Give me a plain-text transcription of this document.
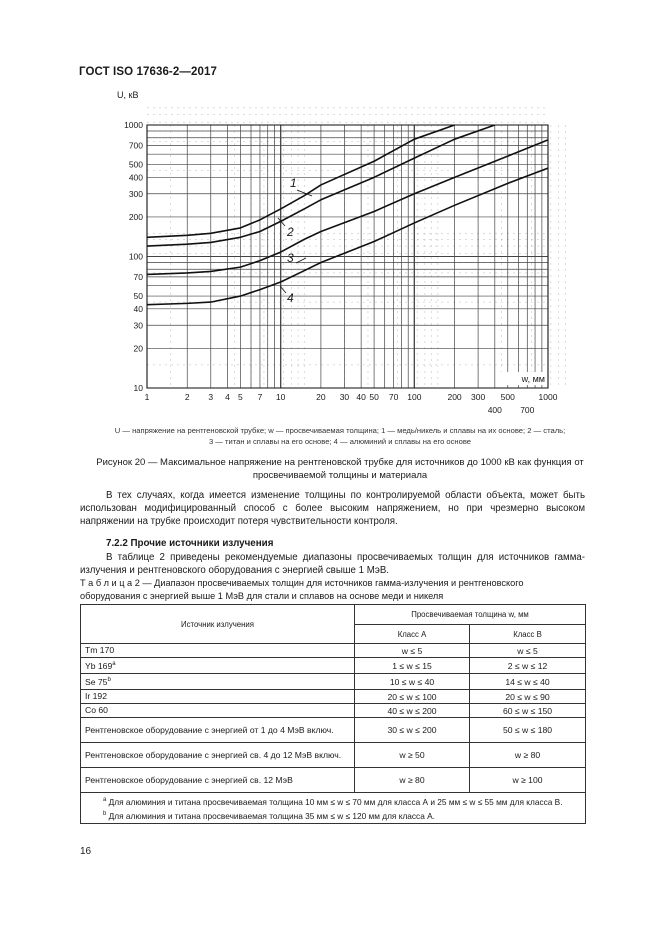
ГОСТ ISO 17636-2—2017
1
2
3
4
1000
700
500
400
300
200
100
70
50
40
30
20
10
1	2 3 4 5 7 10	20 30 40 50 70 100	200 300 500	1000
400 700
U, кВ
w, мм
U — напряжение на рентгеновской трубке; w — просвечиваемая толщина; 1 — медь/никель и сплавы на их основе; 2 — сталь;
3 — титан и сплавы на его основе; 4 — алюминий и сплавы на его основе
Рисунок 20 — Максимальное напряжение на рентгеновской трубке для источников до 1000 кВ как функция от
просвечиваемой толщины и материала
В тех случаях, когда имеется изменение толщины по контролируемой области объекта, может быть использован модифицированный способ с более высоким напряжением, но при чрезмерно высоком напряжении на трубке происходит потеря чувствительности контроля.
7.2.2 Прочие источники излучения
В таблице 2 приведены рекомендуемые диапазоны просвечиваемых толщин для источников гамма-излучения и рентгеновского оборудования с энергией свыше 1 МэВ.
Т а б л и ц а 2 — Диапазон просвечиваемых толщин для источников гамма-излучения и рентгеновского оборудования с энергией выше 1 МэВ для стали и сплавов на основе меди и никеля
Источник излучения	Просвечиваемая толщина w, мм	
	Класс А	Класс В
Tm 170	w ≤ 5	w ≤ 5
Yb 169$^a$	1 ≤ w ≤ 15	2 ≤ w ≤ 12
Se 75$^b$	10 ≤ w ≤ 40	14 ≤ w ≤ 40
Ir 192	20 ≤ w ≤ 100	20 ≤ w ≤ 90
Co 60	40 ≤ w ≤ 200	60 ≤ w ≤ 150
Рентгеновское оборудование с энергией от 1 до 4 МэВ включ.	30 ≤ w ≤ 200	50 ≤ w ≤ 180
Рентгеновское оборудование с энергией св. 4 до 12 МэВ включ.	w ≥ 50	w ≥ 80
Рентгеновское оборудование с энергией св. 12 МэВ	w ≥ 80	w ≥ 100

$^a$ Для алюминия и титана просвечиваемая толщина 10 мм ≤ w ≤ 70 мм для класса А и 25 мм ≤ w ≤ 55 мм для класса В.
$^b$ Для алюминия и титана просвечиваемая толщина 35 мм ≤ w ≤ 120 мм для класса А.		
16
